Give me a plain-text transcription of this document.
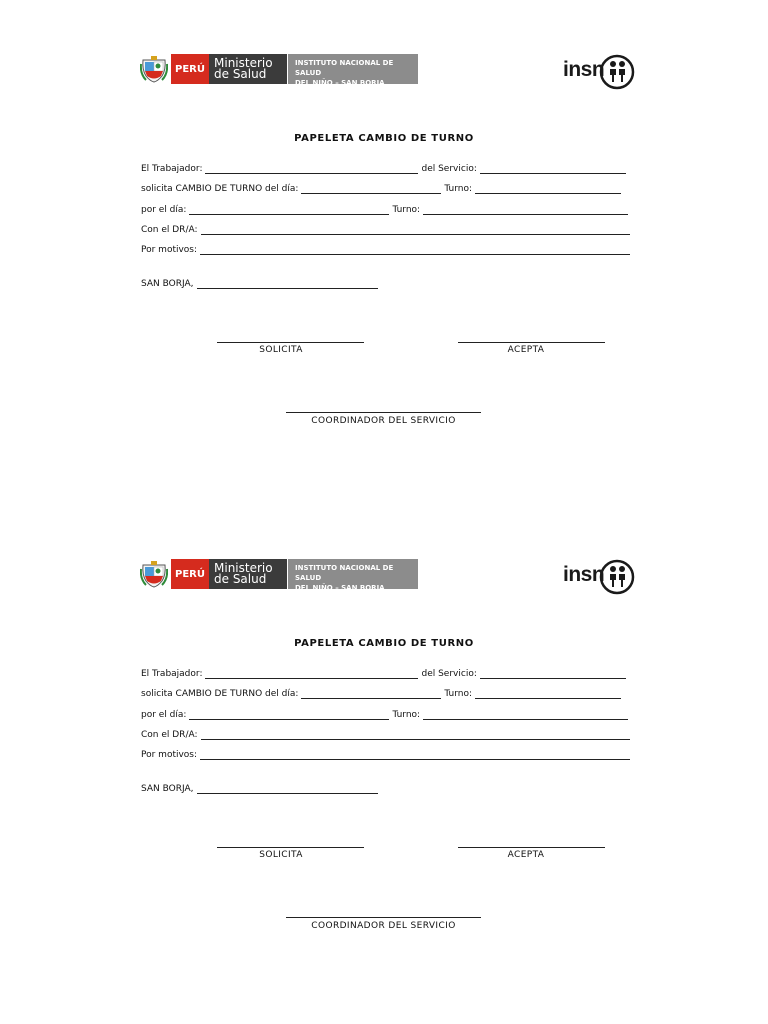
PERÚ Ministerio
de Salud
INSTITUTO NACIONAL DE SALUD
DEL NIÑO – SAN BORJA
insn
PAPELETA CAMBIO DE TURNO
El Trabajador:	del Servicio:
solicita CAMBIO DE TURNO del día:	Turno:
por el día:	Turno:
Con el DR/A:
Por motivos:
SAN BORJA,
SOLICITA	ACEPTA
COORDINADOR DEL SERVICIO
PERÚ Ministerio
de Salud
INSTITUTO NACIONAL DE SALUD
DEL NIÑO – SAN BORJA
insn
PAPELETA CAMBIO DE TURNO
El Trabajador:	del Servicio:
solicita CAMBIO DE TURNO del día:	Turno:
por el día:	Turno:
Con el DR/A:
Por motivos:
SAN BORJA,
SOLICITA	ACEPTA
COORDINADOR DEL SERVICIO
